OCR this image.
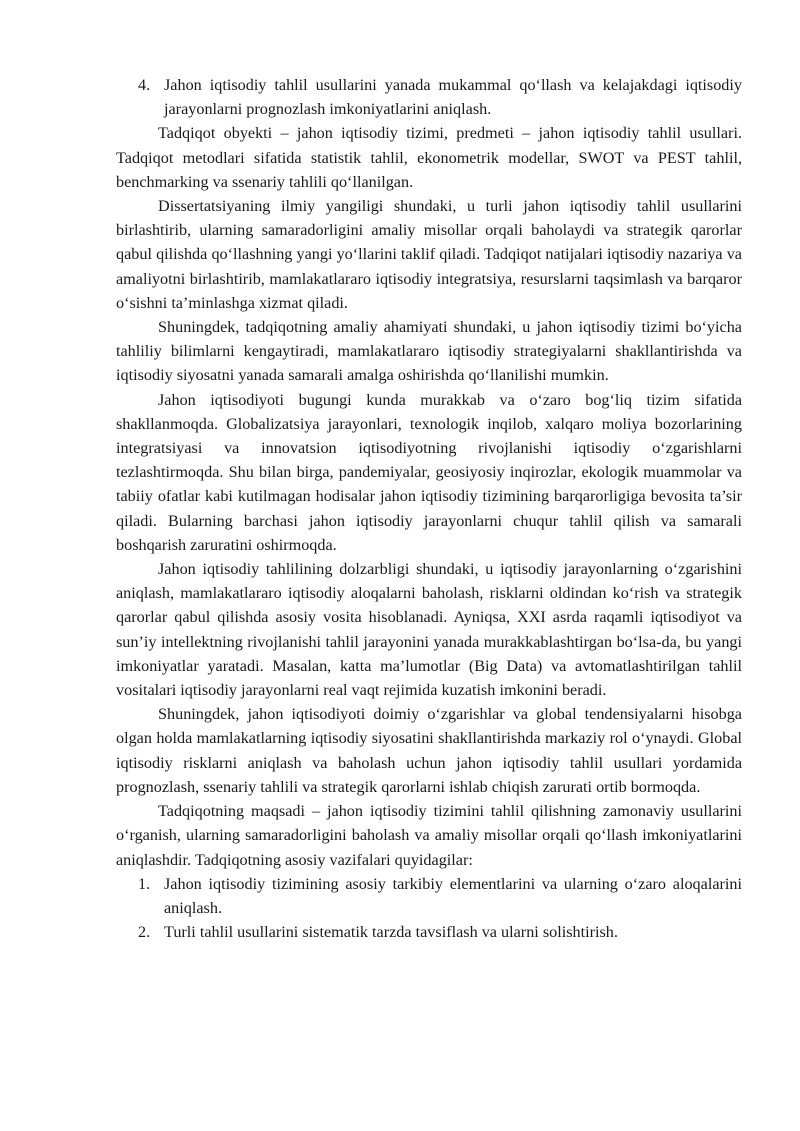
4. Jahon iqtisodiy tahlil usullarini yanada mukammal qo‘llash va kelajakdagi iqtisodiy jarayonlarni prognozlash imkoniyatlarini aniqlash.

Tadqiqot obyekti – jahon iqtisodiy tizimi, predmeti – jahon iqtisodiy tahlil usullari. Tadqiqot metodlari sifatida statistik tahlil, ekonometrik modellar, SWOT va PEST tahlil, benchmarking va ssenariy tahlili qo‘llanilgan.

Dissertatsiyaning ilmiy yangiligi shundaki, u turli jahon iqtisodiy tahlil usullarini birlashtirib, ularning samaradorligini amaliy misollar orqali baholaydi va strategik qarorlar qabul qilishda qo‘llashning yangi yo‘llarini taklif qiladi. Tadqiqot natijalari iqtisodiy nazariya va amaliyotni birlashtirib, mamlakatlararo iqtisodiy integratsiya, resurslarni taqsimlash va barqaror o‘sishni ta’minlashga xizmat qiladi.

Shuningdek, tadqiqotning amaliy ahamiyati shundaki, u jahon iqtisodiy tizimi bo‘yicha tahliliy bilimlarni kengaytiradi, mamlakatlararo iqtisodiy strategiyalarni shakllantirishda va iqtisodiy siyosatni yanada samarali amalga oshirishda qo‘llanilishi mumkin.

Jahon iqtisodiyoti bugungi kunda murakkab va o‘zaro bog‘liq tizim sifatida shakllanmoqda. Globalizatsiya jarayonlari, texnologik inqilob, xalqaro moliya bozorlarining integratsiyasi va innovatsion iqtisodiyotning rivojlanishi iqtisodiy o‘zgarishlarni tezlashtirmoqda. Shu bilan birga, pandemiyalar, geosiyosiy inqirozlar, ekologik muammolar va tabiiy ofatlar kabi kutilmagan hodisalar jahon iqtisodiy tizimining barqarorligiga bevosita ta’sir qiladi. Bularning barchasi jahon iqtisodiy jarayonlarni chuqur tahlil qilish va samarali boshqarish zaruratini oshirmoqda.

Jahon iqtisodiy tahlilining dolzarbligi shundaki, u iqtisodiy jarayonlarning o‘zgarishini aniqlash, mamlakatlararo iqtisodiy aloqalarni baholash, risklarni oldindan ko‘rish va strategik qarorlar qabul qilishda asosiy vosita hisoblanadi. Ayniqsa, XXI asrda raqamli iqtisodiyot va sun’iy intellektning rivojlanishi tahlil jarayonini yanada murakkablashtirgan bo‘lsa-da, bu yangi imkoniyatlar yaratadi. Masalan, katta ma’lumotlar (Big Data) va avtomatlashtirilgan tahlil vositalari iqtisodiy jarayonlarni real vaqt rejimida kuzatish imkonini beradi.

Shuningdek, jahon iqtisodiyoti doimiy o‘zgarishlar va global tendensiyalarni hisobga olgan holda mamlakatlarning iqtisodiy siyosatini shakllantirishda markaziy rol o‘ynaydi. Global iqtisodiy risklarni aniqlash va baholash uchun jahon iqtisodiy tahlil usullari yordamida prognozlash, ssenariy tahlili va strategik qarorlarni ishlab chiqish zarurati ortib bormoqda.

Tadqiqotning maqsadi – jahon iqtisodiy tizimini tahlil qilishning zamonaviy usullarini o‘rganish, ularning samaradorligini baholash va amaliy misollar orqali qo‘llash imkoniyatlarini aniqlashdir. Tadqiqotning asosiy vazifalari quyidagilar:

1. Jahon iqtisodiy tizimining asosiy tarkibiy elementlarini va ularning o‘zaro aloqalarini aniqlash.
2. Turli tahlil usullarini sistematik tarzda tavsiflash va ularni solishtirish.
